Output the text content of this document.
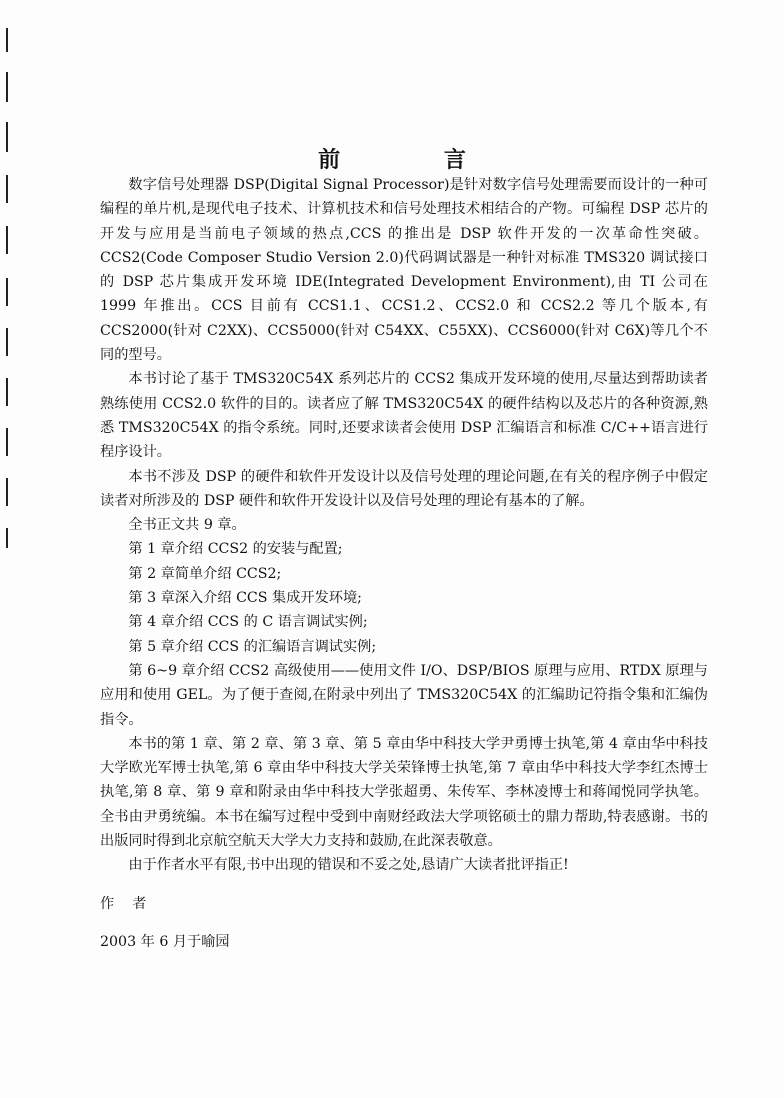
前 言

数字信号处理器 DSP(Digital Signal Processor)是针对数字信号处理需要而设计的一种可编程的单片机,是现代电子技术、计算机技术和信号处理技术相结合的产物。可编程 DSP 芯片的开发与应用是当前电子领域的热点,CCS 的推出是 DSP 软件开发的一次革命性突破。CCS2(Code Composer Studio Version 2.0)代码调试器是一种针对标准 TMS320 调试接口的 DSP 芯片集成开发环境 IDE(Integrated Development Environment),由 TI 公司在 1999 年推出。CCS 目前有 CCS1.1、CCS1.2、CCS2.0 和 CCS2.2 等几个版本,有 CCS2000(针对 C2XX)、CCS5000(针对 C54XX、C55XX)、CCS6000(针对 C6X)等几个不同的型号。

本书讨论了基于 TMS320C54X 系列芯片的 CCS2 集成开发环境的使用,尽量达到帮助读者熟练使用 CCS2.0 软件的目的。读者应了解 TMS320C54X 的硬件结构以及芯片的各种资源,熟悉 TMS320C54X 的指令系统。同时,还要求读者会使用 DSP 汇编语言和标准 C/C++语言进行程序设计。

本书不涉及 DSP 的硬件和软件开发设计以及信号处理的理论问题,在有关的程序例子中假定读者对所涉及的 DSP 硬件和软件开发设计以及信号处理的理论有基本的了解。

全书正文共 9 章。

第 1 章介绍 CCS2 的安装与配置;

第 2 章简单介绍 CCS2;

第 3 章深入介绍 CCS 集成开发环境;

第 4 章介绍 CCS 的 C 语言调试实例;

第 5 章介绍 CCS 的汇编语言调试实例;

第 6~9 章介绍 CCS2 高级使用——使用文件 I/O、DSP/BIOS 原理与应用、RTDX 原理与应用和使用 GEL。为了便于查阅,在附录中列出了 TMS320C54X 的汇编助记符指令集和汇编伪指令。

本书的第 1 章、第 2 章、第 3 章、第 5 章由华中科技大学尹勇博士执笔,第 4 章由华中科技大学欧光军博士执笔,第 6 章由华中科技大学关荣锋博士执笔,第 7 章由华中科技大学李红杰博士执笔,第 8 章、第 9 章和附录由华中科技大学张超勇、朱传军、李林凌博士和蒋闻悦同学执笔。全书由尹勇统编。本书在编写过程中受到中南财经政法大学项铭硕士的鼎力帮助,特表感谢。书的出版同时得到北京航空航天大学大力支持和鼓励,在此深表敬意。

由于作者水平有限,书中出现的错误和不妥之处,恳请广大读者批评指正!

作者

2003 年 6 月于喻园
